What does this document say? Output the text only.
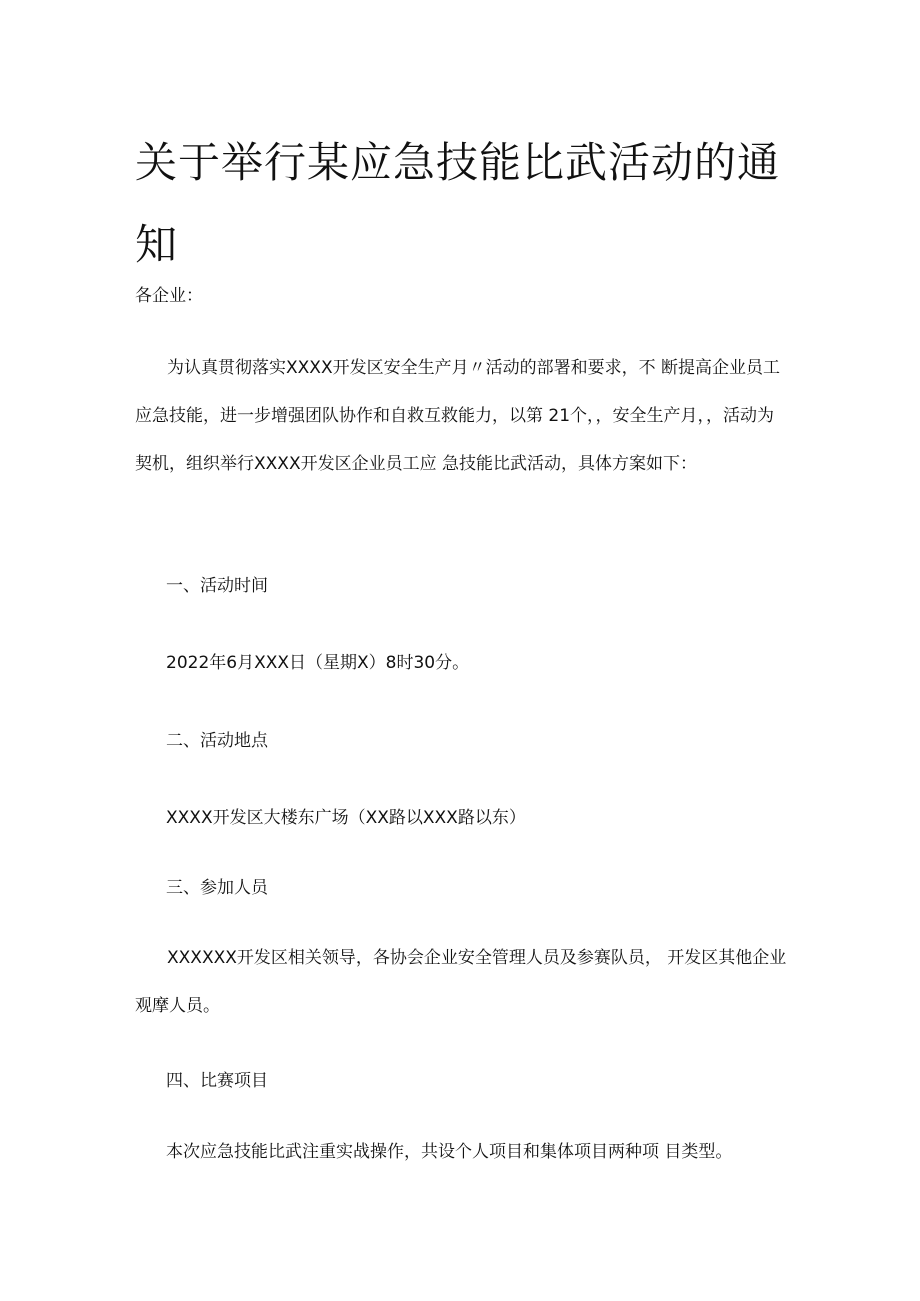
关于举行某应急技能比武活动的通知

各企业：

为认真贯彻落实XXXX开发区安全生产月〃活动的部署和要求，不 断提高企业员工应急技能，进一步增强团队协作和自救互救能力，以第 21个，，安全生产月，，活动为契机，组织举行XXXX开发区企业员工应 急技能比武活动，具体方案如下：

一、活动时间

2022年6月XXX日（星期X）8时30分。

二、活动地点

XXXX开发区大楼东广场（XX路以XXX路以东）

三、参加人员

XXXXXX开发区相关领导，各协会企业安全管理人员及参赛队员， 开发区其他企业观摩人员。

四、比赛项目

本次应急技能比武注重实战操作，共设个人项目和集体项目两种项 目类型。
